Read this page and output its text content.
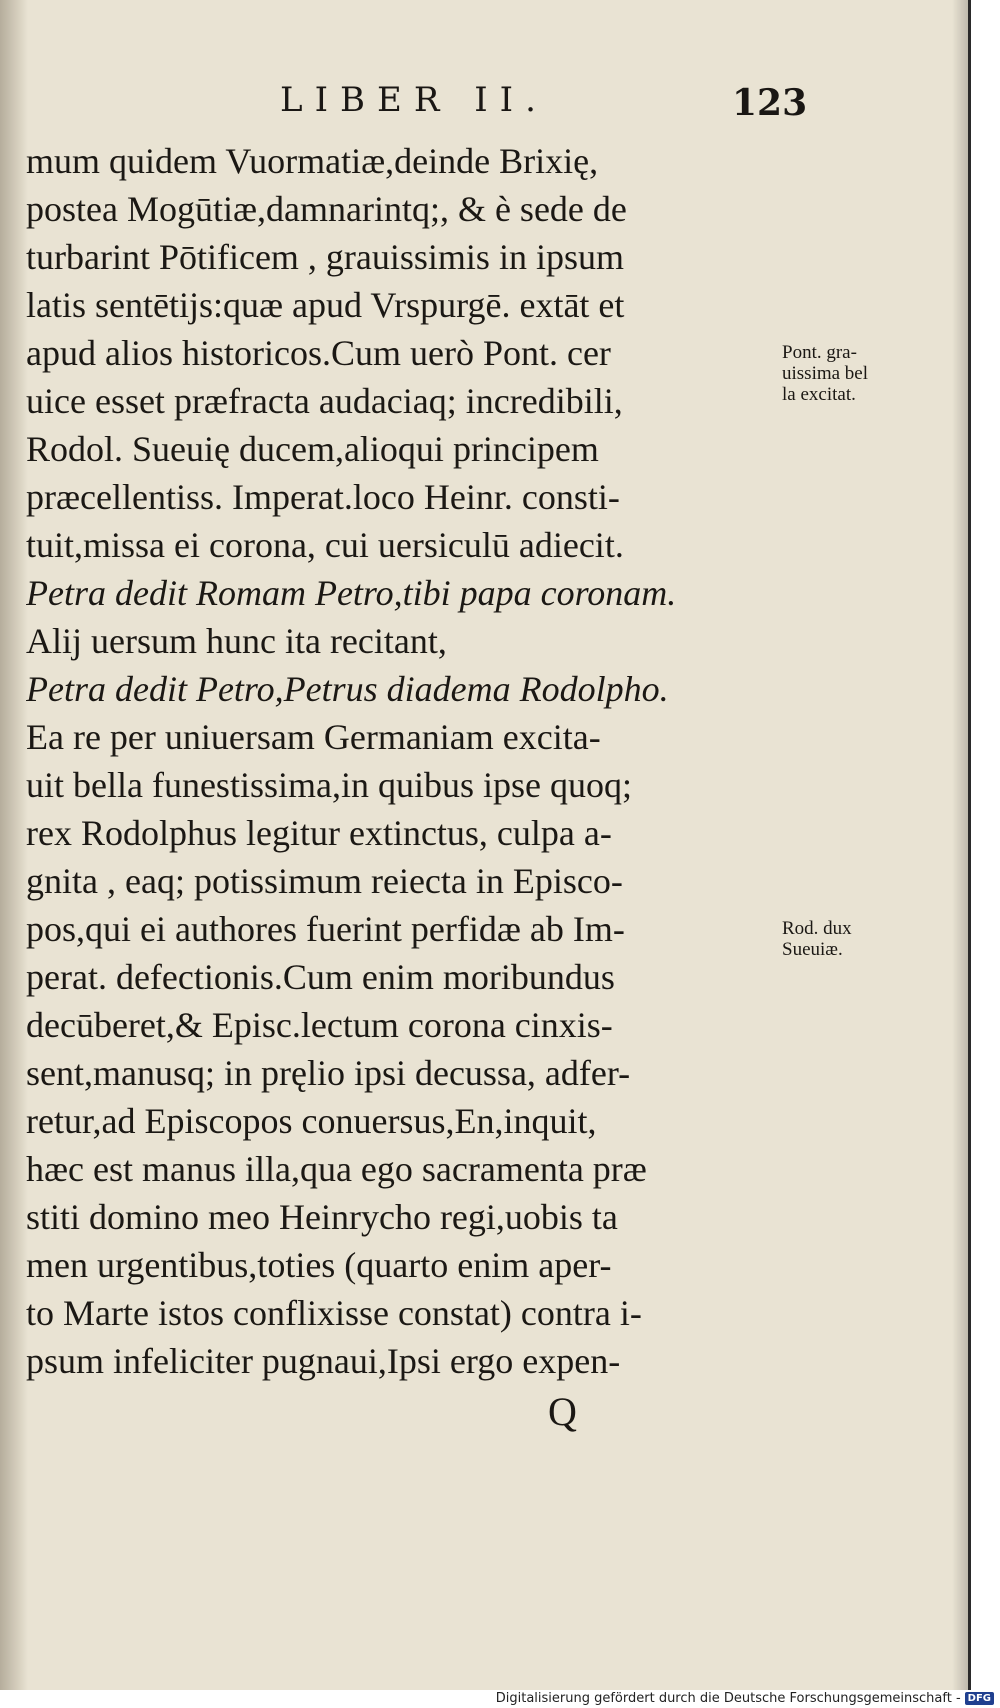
LIBER II.	123
mum quidem Vuormatiæ,deinde Brixię,
postea Mogūtiæ,damnarintq;, & è sede de
turbarint Pōtificem , grauissimis in ipsum
latis sentētijs:quæ apud Vrspurgē. extāt et
apud alios historicos.Cum uerò Pont. cer
uice esset præfracta audaciaq; incredibili,
Rodol. Sueuię ducem,alioqui principem
præcellentiss. Imperat.loco Heinr. consti-
tuit,missa ei corona, cui uersiculū adiecit.
Petra dedit Romam Petro,tibi papa coronam.
Alij uersum hunc ita recitant,
Petra dedit Petro,Petrus diadema Rodolpho.
Ea re per uniuersam Germaniam excita-
uit bella funestissima,in quibus ipse quoq;
rex Rodolphus legitur extinctus, culpa a-
gnita , eaq; potissimum reiecta in Episco-
pos,qui ei authores fuerint perfidæ ab Im-
perat. defectionis.Cum enim moribundus
decūberet,& Episc.lectum corona cinxis-
sent,manusq; in pręlio ipsi decussa, adfer-
retur,ad Episcopos conuersus,En,inquit,
hæc est manus illa,qua ego sacramenta præ
stiti domino meo Heinrycho regi,uobis ta
men urgentibus,toties (quarto enim aper-
to Marte istos conflixisse constat) contra i-
psum infeliciter pugnaui,Ipsi ergo expen-
Pont. gra-
uissima bel
la excitat.
Rod. dux
Sueuiæ.
Q
Digitalisierung gefördert durch die Deutsche Forschungsgemeinschaft - DFG
